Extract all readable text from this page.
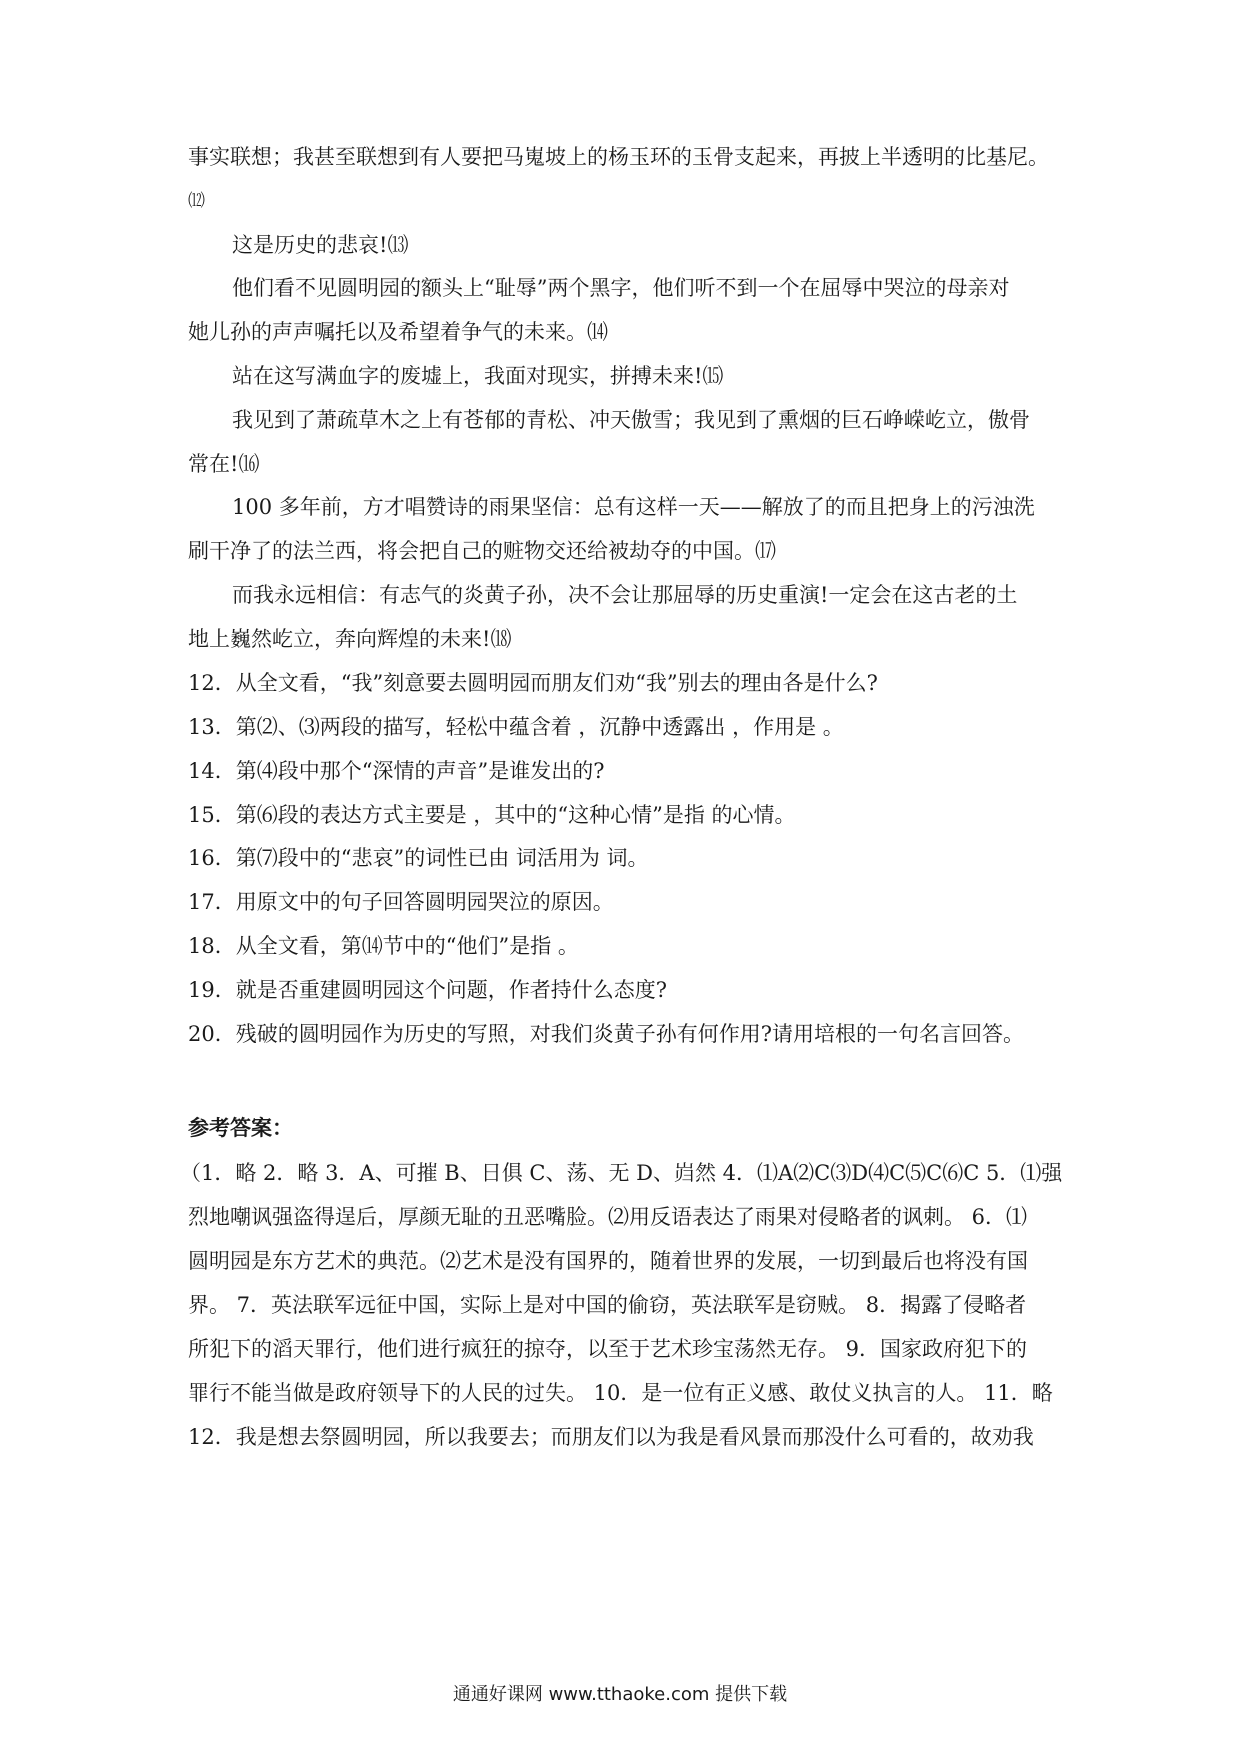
事实联想；我甚至联想到有人要把马嵬坡上的杨玉环的玉骨支起来，再披上半透明的比基尼。
⑿
这是历史的悲哀!⒀
他们看不见圆明园的额头上“耻辱”两个黑字，他们听不到一个在屈辱中哭泣的母亲对
她儿孙的声声嘱托以及希望着争气的未来。⒁
站在这写满血字的废墟上，我面对现实，拼搏未来!⒂
我见到了萧疏草木之上有苍郁的青松、冲天傲雪；我见到了熏烟的巨石峥嵘屹立，傲骨
常在!⒃
100 多年前，方才唱赞诗的雨果坚信：总有这样一天——解放了的而且把身上的污浊洗
刷干净了的法兰西，将会把自己的赃物交还给被劫夺的中国。⒄
而我永远相信：有志气的炎黄子孙，决不会让那屈辱的历史重演!一定会在这古老的土
地上巍然屹立，奔向辉煌的未来!⒅
12．从全文看，“我”刻意要去圆明园而朋友们劝“我”别去的理由各是什么?
13．第⑵、⑶两段的描写，轻松中蕴含着 ，沉静中透露出 ，作用是 。
14．第⑷段中那个“深情的声音”是谁发出的?
15．第⑹段的表达方式主要是 ，其中的“这种心情”是指 的心情。
16．第⑺段中的“悲哀”的词性已由 词活用为 词。
17．用原文中的句子回答圆明园哭泣的原因。
18．从全文看，第⒁节中的“他们”是指 。
19．就是否重建圆明园这个问题，作者持什么态度?
20．残破的圆明园作为历史的写照，对我们炎黄子孙有何作用?请用培根的一句名言回答。
参考答案：
（1．略 2．略 3．A、可摧 B、日俱 C、荡、无 D、岿然 4．⑴A⑵C⑶D⑷C⑸C⑹C 5．⑴强
烈地嘲讽强盗得逞后，厚颜无耻的丑恶嘴脸。⑵用反语表达了雨果对侵略者的讽刺。 6．⑴
圆明园是东方艺术的典范。⑵艺术是没有国界的，随着世界的发展，一切到最后也将没有国
界。 7．英法联军远征中国，实际上是对中国的偷窃，英法联军是窃贼。 8．揭露了侵略者
所犯下的滔天罪行，他们进行疯狂的掠夺，以至于艺术珍宝荡然无存。 9．国家政府犯下的
罪行不能当做是政府领导下的人民的过失。 10．是一位有正义感、敢仗义执言的人。 11．略
12．我是想去祭圆明园，所以我要去；而朋友们以为我是看风景而那没什么可看的，故劝我
通通好课网 www.tthaoke.com 提供下载
